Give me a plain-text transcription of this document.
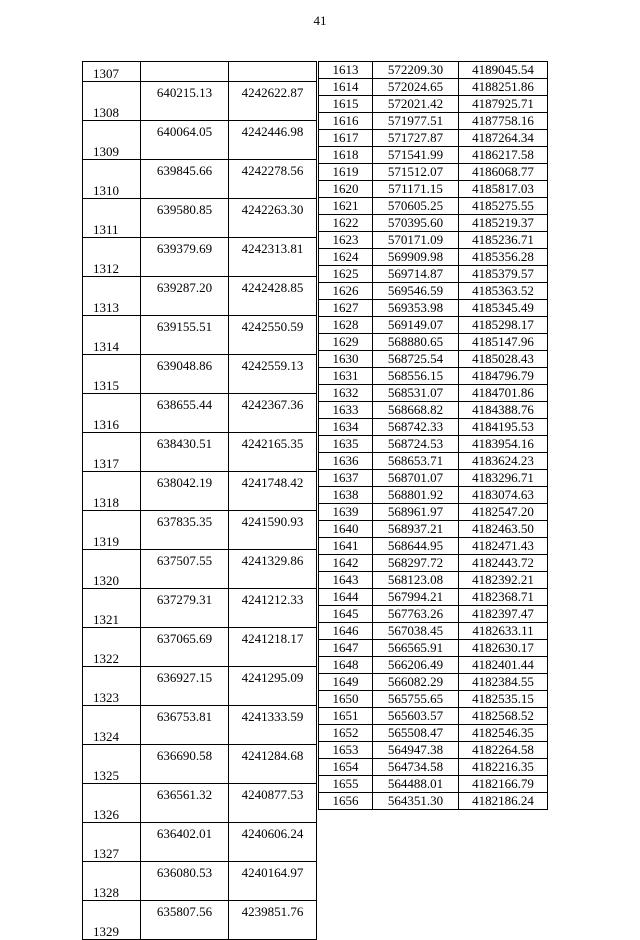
41
1307		
1308	640215.13	4242622.87
1309	640064.05	4242446.98
1310	639845.66	4242278.56
1311	639580.85	4242263.30
1312	639379.69	4242313.81
1313	639287.20	4242428.85
1314	639155.51	4242550.59
1315	639048.86	4242559.13
1316	638655.44	4242367.36
1317	638430.51	4242165.35
1318	638042.19	4241748.42
1319	637835.35	4241590.93
1320	637507.55	4241329.86
1321	637279.31	4241212.33
1322	637065.69	4241218.17
1323	636927.15	4241295.09
1324	636753.81	4241333.59
1325	636690.58	4241284.68
1326	636561.32	4240877.53
1327	636402.01	4240606.24
1328	636080.53	4240164.97
1329	635807.56	4239851.76
1613	572209.30	4189045.54
1614	572024.65	4188251.86
1615	572021.42	4187925.71
1616	571977.51	4187758.16
1617	571727.87	4187264.34
1618	571541.99	4186217.58
1619	571512.07	4186068.77
1620	571171.15	4185817.03
1621	570605.25	4185275.55
1622	570395.60	4185219.37
1623	570171.09	4185236.71
1624	569909.98	4185356.28
1625	569714.87	4185379.57
1626	569546.59	4185363.52
1627	569353.98	4185345.49
1628	569149.07	4185298.17
1629	568880.65	4185147.96
1630	568725.54	4185028.43
1631	568556.15	4184796.79
1632	568531.07	4184701.86
1633	568668.82	4184388.76
1634	568742.33	4184195.53
1635	568724.53	4183954.16
1636	568653.71	4183624.23
1637	568701.07	4183296.71
1638	568801.92	4183074.63
1639	568961.97	4182547.20
1640	568937.21	4182463.50
1641	568644.95	4182471.43
1642	568297.72	4182443.72
1643	568123.08	4182392.21
1644	567994.21	4182368.71
1645	567763.26	4182397.47
1646	567038.45	4182633.11
1647	566565.91	4182630.17
1648	566206.49	4182401.44
1649	566082.29	4182384.55
1650	565755.65	4182535.15
1651	565603.57	4182568.52
1652	565508.47	4182546.35
1653	564947.38	4182264.58
1654	564734.58	4182216.35
1655	564488.01	4182166.79
1656	564351.30	4182186.24
